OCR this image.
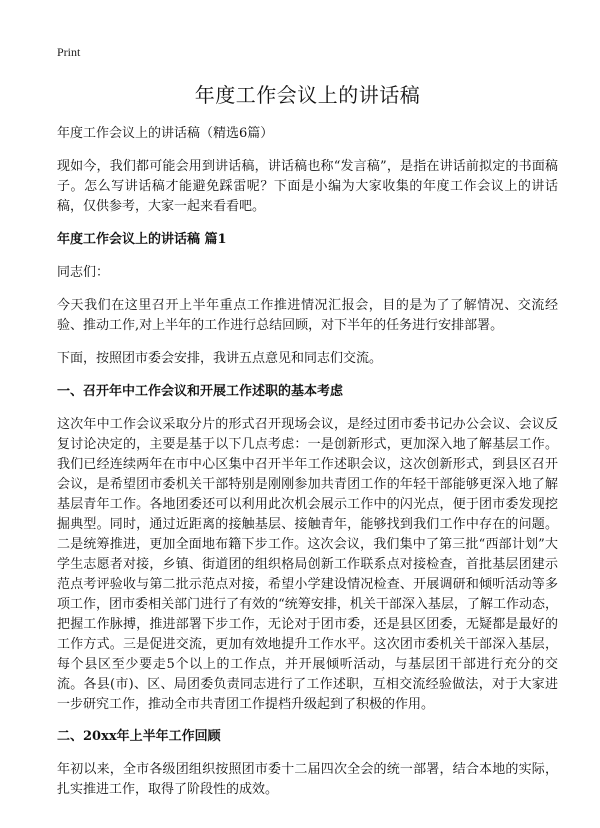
Print
年度工作会议上的讲话稿

年度工作会议上的讲话稿（精选6篇）

现如今，我们都可能会用到讲话稿，讲话稿也称“发言稿”，是指在讲话前拟定的书面稿子。怎么写讲话稿才能避免踩雷呢？下面是小编为大家收集的年度工作会议上的讲话稿，仅供参考，大家一起来看看吧。

年度工作会议上的讲话稿 篇1

同志们：

今天我们在这里召开上半年重点工作推进情况汇报会，目的是为了了解情况、交流经验、推动工作,对上半年的工作进行总结回顾，对下半年的任务进行安排部署。

下面，按照团市委会安排，我讲五点意见和同志们交流。

一、召开年中工作会议和开展工作述职的基本考虑

这次年中工作会议采取分片的形式召开现场会议，是经过团市委书记办公会议、会议反复讨论决定的，主要是基于以下几点考虑：一是创新形式，更加深入地了解基层工作。我们已经连续两年在市中心区集中召开半年工作述职会议，这次创新形式，到县区召开会议，是希望团市委机关干部特别是刚刚参加共青团工作的年轻干部能够更深入地了解基层青年工作。各地团委还可以利用此次机会展示工作中的闪光点，便于团市委发现挖掘典型。同时，通过近距离的接触基层、接触青年，能够找到我们工作中存在的问题。二是统筹推进，更加全面地布籍下步工作。这次会议，我们集中了第三批“西部计划”大学生志愿者对接，乡镇、街道团的组织格局创新工作联系点对接检查，首批基层团建示范点考评验收与第二批示范点对接，希望小学建设情况检查、开展调研和倾听活动等多项工作，团市委相关部门进行了有效的“统筹安排，机关干部深入基层，了解工作动态，把握工作脉搏，推进部署下步工作，无论对于团市委，还是县区团委，无疑都是最好的工作方式。三是促进交流，更加有效地提升工作水平。这次团市委机关干部深入基层，每个县区至少要走5个以上的工作点，并开展倾听活动，与基层团干部进行充分的交流。各县(市)、区、局团委负责同志进行了工作述职，互相交流经验做法，对于大家进一步研究工作，推动全市共青团工作提档升级起到了积极的作用。

二、20xx年上半年工作回顾

年初以来，全市各级团组织按照团市委十二届四次全会的统一部署，结合本地的实际，扎实推进工作，取得了阶段性的成效。
